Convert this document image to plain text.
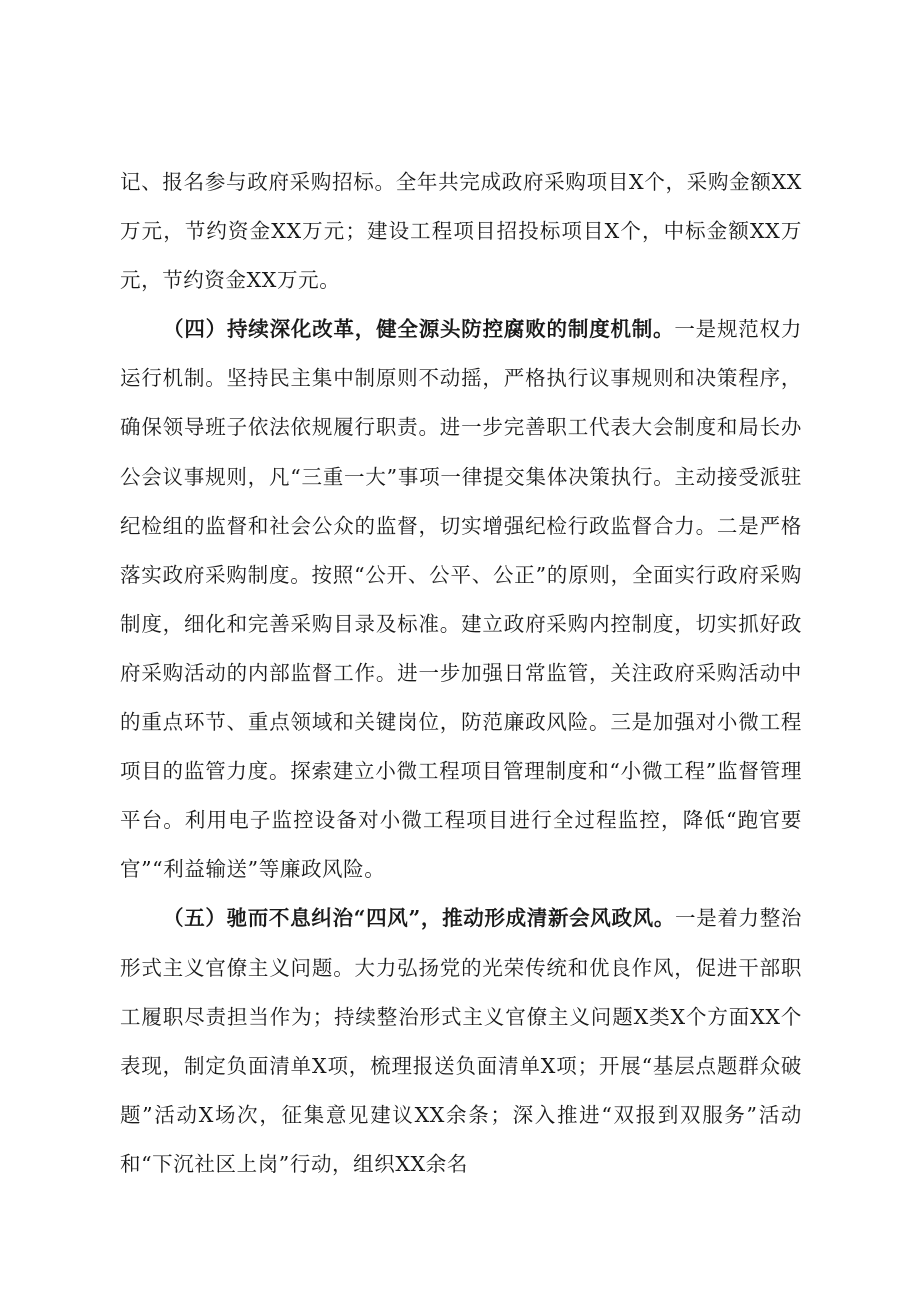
记、报名参与政府采购招标。全年共完成政府采购项目X个，采购金额XX万元，节约资金XX万元；建设工程项目招投标项目X个，中标金额XX万元，节约资金XX万元。

（四）持续深化改革，健全源头防控腐败的制度机制。一是规范权力运行机制。坚持民主集中制原则不动摇，严格执行议事规则和决策程序，确保领导班子依法依规履行职责。进一步完善职工代表大会制度和局长办公会议事规则，凡“三重一大”事项一律提交集体决策执行。主动接受派驻纪检组的监督和社会公众的监督，切实增强纪检行政监督合力。二是严格落实政府采购制度。按照“公开、公平、公正”的原则，全面实行政府采购制度，细化和完善采购目录及标准。建立政府采购内控制度，切实抓好政府采购活动的内部监督工作。进一步加强日常监管，关注政府采购活动中的重点环节、重点领域和关键岗位，防范廉政风险。三是加强对小微工程项目的监管力度。探索建立小微工程项目管理制度和“小微工程”监督管理平台。利用电子监控设备对小微工程项目进行全过程监控，降低“跑官要官”“利益输送”等廉政风险。

（五）驰而不息纠治“四风”，推动形成清新会风政风。一是着力整治形式主义官僚主义问题。大力弘扬党的光荣传统和优良作风，促进干部职工履职尽责担当作为；持续整治形式主义官僚主义问题X类X个方面XX个表现，制定负面清单X项，梳理报送负面清单X项；开展“基层点题群众破题”活动X场次，征集意见建议XX余条；深入推进“双报到双服务”活动和“下沉社区上岗”行动，组织XX余名
